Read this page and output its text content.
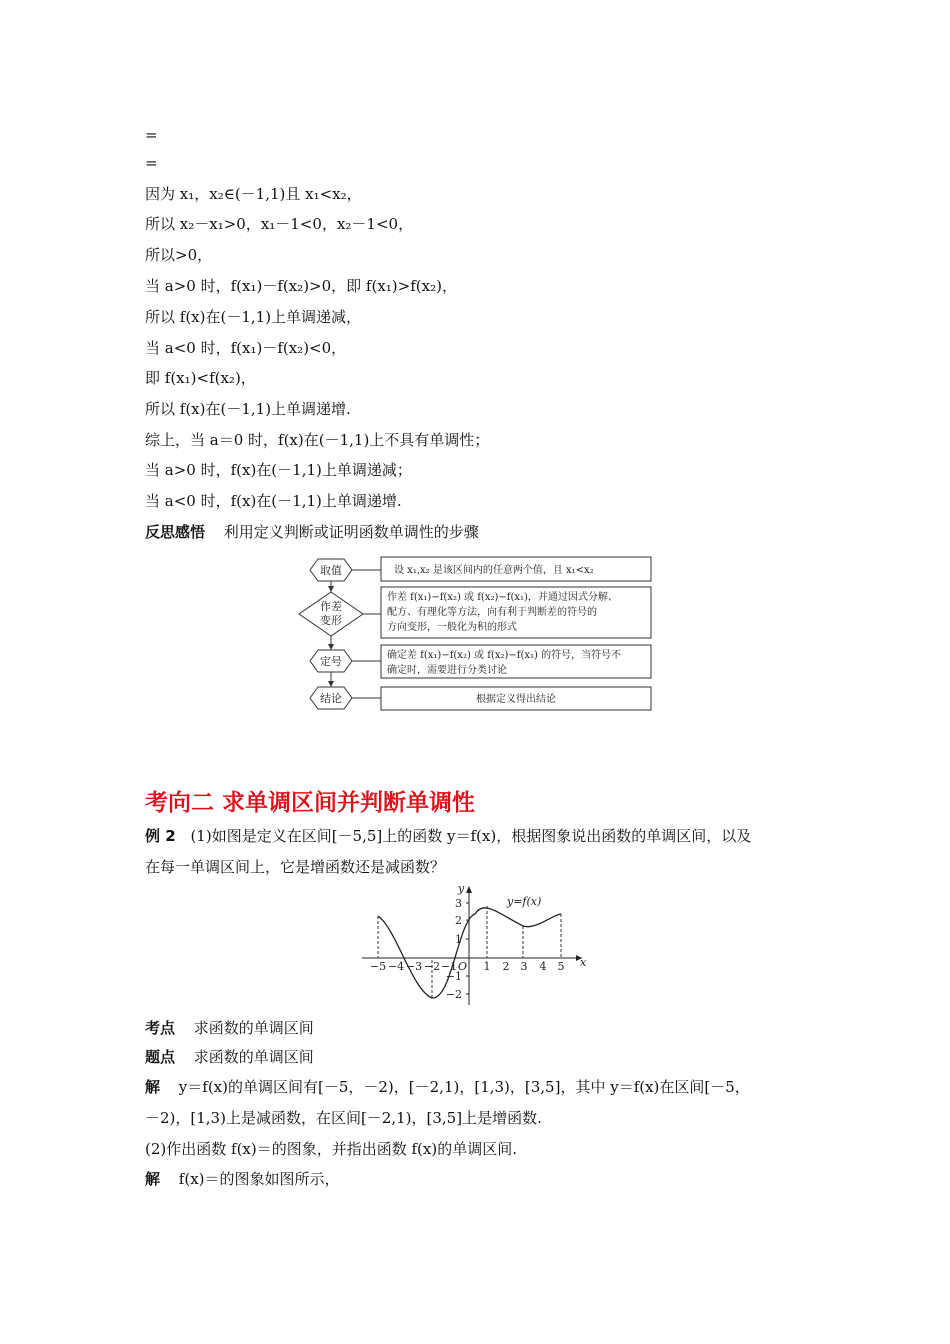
=
=
因为 x₁，x₂∈(－1,1)且 x₁<x₂，
所以 x₂－x₁>0，x₁－1<0，x₂－1<0，
所以>0，
当 a>0 时，f(x₁)－f(x₂)>0，即 f(x₁)>f(x₂)，
所以 f(x)在(－1,1)上单调递减，
当 a<0 时，f(x₁)－f(x₂)<0，
即 f(x₁)<f(x₂)，
所以 f(x)在(－1,1)上单调递增.
综上，当 a＝0 时，f(x)在(－1,1)上不具有单调性；
当 a>0 时，f(x)在(－1,1)上单调递减；
当 a<0 时，f(x)在(－1,1)上单调递增.
反思感悟 利用定义判断或证明函数单调性的步骤
取值
作差
变形
定号
结论
设 x₁,x₂ 是该区间内的任意两个值，且 x₁<x₂
作差 f(x₁)−f(x₂) 或 f(x₂)−f(x₁)，并通过因式分解、
配方、有理化等方法，向有利于判断差的符号的
方向变形，一般化为积的形式
确定差 f(x₁)−f(x₂) 或 f(x₂)−f(x₁) 的符号，当符号不
确定时，需要进行分类讨论
根据定义得出结论
考向二 求单调区间并判断单调性
例 2 (1)如图是定义在区间[－5,5]上的函数 y＝f(x)，根据图象说出函数的单调区间，以及
在每一单调区间上，它是增函数还是减函数？
y=f(x)
x
y
O
−5 −4 −3 −2 −1 1 2 3 4 5
3
2
1
−1
−2
考点 求函数的单调区间
题点 求函数的单调区间
解 y＝f(x)的单调区间有[－5，－2)，[－2,1)，[1,3)，[3,5]，其中 y＝f(x)在区间[－5，
－2)，[1,3)上是减函数，在区间[－2,1)，[3,5]上是增函数.
(2)作出函数 f(x)＝的图象，并指出函数 f(x)的单调区间.
解 f(x)＝的图象如图所示，
